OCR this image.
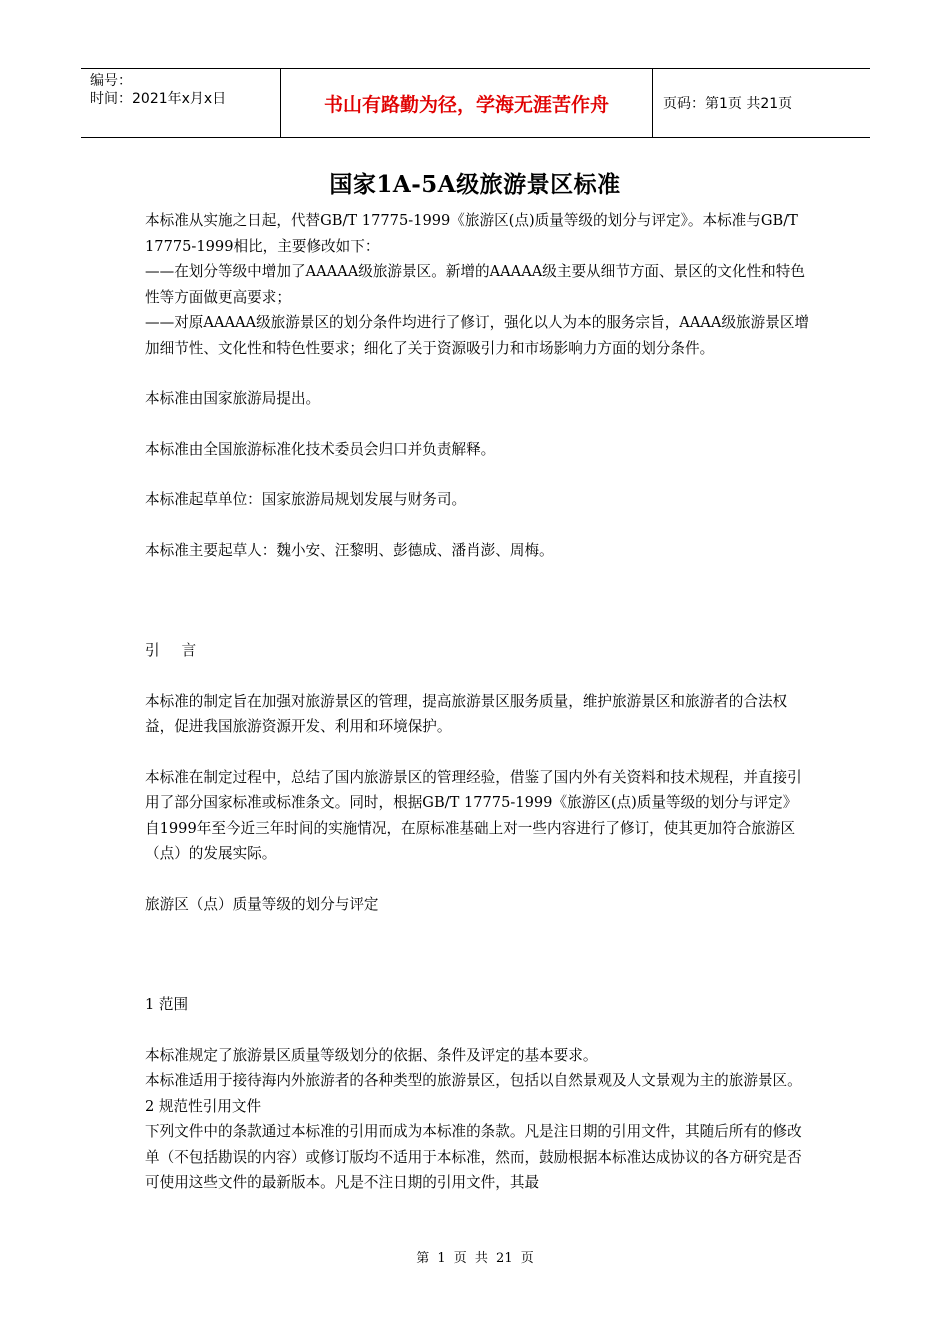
编号：
时间：2021年x月x日	书山有路勤为径，学海无涯苦作舟	页码：第1页 共21页
国家1A-5A级旅游景区标准

本标准从实施之日起，代替GB/T 17775-1999《旅游区(点)质量等级的划分与评定》。本标准与GB/T 17775-1999相比，主要修改如下：

——在划分等级中增加了AAAAA级旅游景区。新增的AAAAA级主要从细节方面、景区的文化性和特色性等方面做更高要求；

——对原AAAAA级旅游景区的划分条件均进行了修订，强化以人为本的服务宗旨，AAAA级旅游景区增加细节性、文化性和特色性要求；细化了关于资源吸引力和市场影响力方面的划分条件。

本标准由国家旅游局提出。

本标准由全国旅游标准化技术委员会归口并负责解释。

本标准起草单位：国家旅游局规划发展与财务司。

本标准主要起草人：魏小安、汪黎明、彭德成、潘肖澎、周梅。

引　言

本标准的制定旨在加强对旅游景区的管理，提高旅游景区服务质量，维护旅游景区和旅游者的合法权益，促进我国旅游资源开发、利用和环境保护。

本标准在制定过程中，总结了国内旅游景区的管理经验，借鉴了国内外有关资料和技术规程，并直接引用了部分国家标准或标准条文。同时，根据GB/T 17775-1999《旅游区(点)质量等级的划分与评定》自1999年至今近三年时间的实施情况，在原标准基础上对一些内容进行了修订，使其更加符合旅游区（点）的发展实际。

旅游区（点）质量等级的划分与评定

1 范围

本标准规定了旅游景区质量等级划分的依据、条件及评定的基本要求。

本标准适用于接待海内外旅游者的各种类型的旅游景区，包括以自然景观及人文景观为主的旅游景区。

2 规范性引用文件

下列文件中的条款通过本标准的引用而成为本标准的条款。凡是注日期的引用文件，其随后所有的修改单（不包括勘误的内容）或修订版均不适用于本标准，然而，鼓励根据本标准达成协议的各方研究是否可使用这些文件的最新版本。凡是不注日期的引用文件，其最

第 1 页 共 21 页
